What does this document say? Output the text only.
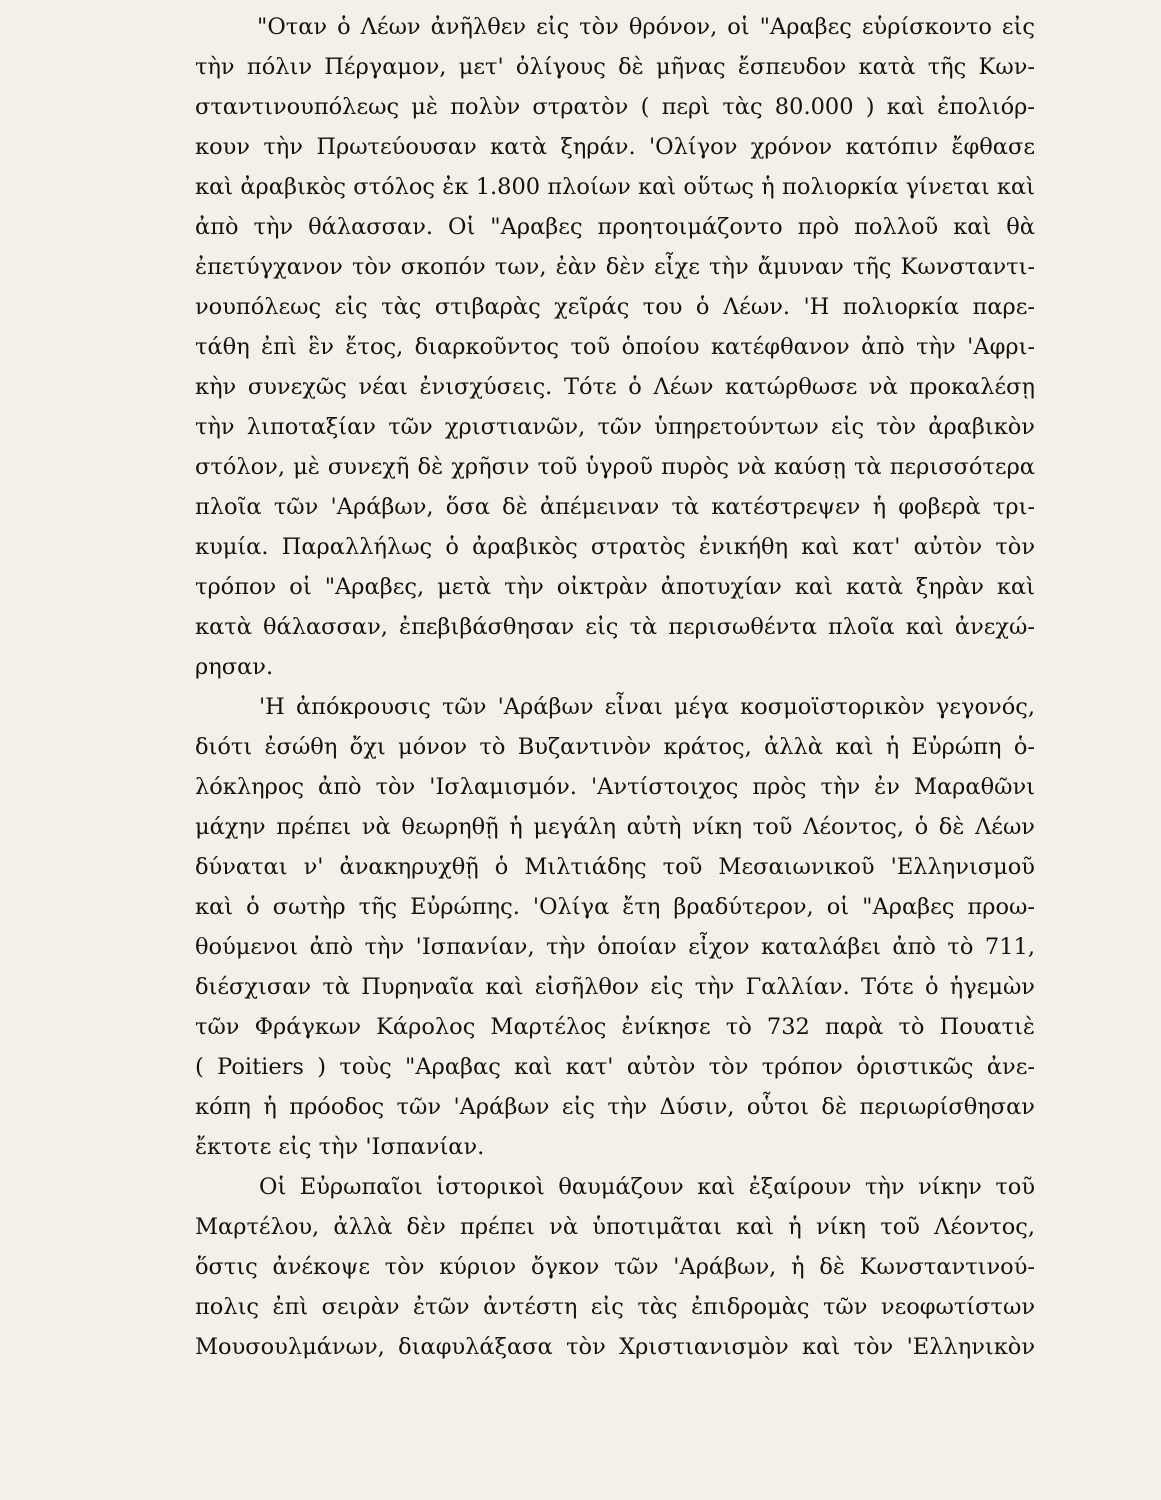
"Οταν ὁ Λέων ἀνῆλθεν εἰς τὸν θρόνον, οἱ "Αραβες εὑρίσκοντο εἰς
τὴν πόλιν Πέργαμον, μετ' ὀλίγους δὲ μῆνας ἔσπευδον κατὰ τῆς Κων-
σταντινουπόλεως μὲ πολὺν στρατὸν ( περὶ τὰς 80.000 ) καὶ ἐπολιόρ-
κουν τὴν Πρωτεύουσαν κατὰ ξηράν. 'Ολίγον χρόνον κατόπιν ἔφθασε
καὶ ἀραβικὸς στόλος ἐκ 1.800 πλοίων καὶ οὕτως ἡ πολιορκία γίνεται καὶ
ἀπὸ τὴν θάλασσαν. Οἱ "Αραβες προητοιμάζοντο πρὸ πολλοῦ καὶ θὰ
ἐπετύγχανον τὸν σκοπόν των, ἐὰν δὲν εἶχε τὴν ἄμυναν τῆς Κωνσταντι-
νουπόλεως εἰς τὰς στιβαρὰς χεῖράς του ὁ Λέων. 'Η πολιορκία παρε-
τάθη ἐπὶ ἓν ἔτος, διαρκοῦντος τοῦ ὁποίου κατέφθανον ἀπὸ τὴν 'Αφρι-
κὴν συνεχῶς νέαι ἐνισχύσεις. Τότε ὁ Λέων κατώρθωσε νὰ προκαλέσῃ
τὴν λιποταξίαν τῶν χριστιανῶν, τῶν ὑπηρετούντων εἰς τὸν ἀραβικὸν
στόλον, μὲ συνεχῆ δὲ χρῆσιν τοῦ ὑγροῦ πυρὸς νὰ καύσῃ τὰ περισσότερα
πλοῖα τῶν 'Αράβων, ὅσα δὲ ἀπέμειναν τὰ κατέστρεψεν ἡ φοβερὰ τρι-
κυμία. Παραλλήλως ὁ ἀραβικὸς στρατὸς ἐνικήθη καὶ κατ' αὐτὸν τὸν
τρόπον οἱ "Αραβες, μετὰ τὴν οἰκτρὰν ἀποτυχίαν καὶ κατὰ ξηρὰν καὶ
κατὰ θάλασσαν, ἐπεβιβάσθησαν εἰς τὰ περισωθέντα πλοῖα καὶ ἀνεχώ-
ρησαν.
'Η ἀπόκρουσις τῶν 'Αράβων εἶναι μέγα κοσμοϊστορικὸν γεγονός,
διότι ἐσώθη ὄχι μόνον τὸ Βυζαντινὸν κράτος, ἀλλὰ καὶ ἡ Εὐρώπη ὁ-
λόκληρος ἀπὸ τὸν 'Ισλαμισμόν. 'Αντίστοιχος πρὸς τὴν ἐν Μαραθῶνι
μάχην πρέπει νὰ θεωρηθῇ ἡ μεγάλη αὐτὴ νίκη τοῦ Λέοντος, ὁ δὲ Λέων
δύναται ν' ἀνακηρυχθῇ ὁ Μιλτιάδης τοῦ Μεσαιωνικοῦ 'Ελληνισμοῦ
καὶ ὁ σωτὴρ τῆς Εὐρώπης. 'Ολίγα ἔτη βραδύτερον, οἱ "Αραβες προω-
θούμενοι ἀπὸ τὴν 'Ισπανίαν, τὴν ὁποίαν εἶχον καταλάβει ἀπὸ τὸ 711,
διέσχισαν τὰ Πυρηναῖα καὶ εἰσῆλθον εἰς τὴν Γαλλίαν. Τότε ὁ ἡγεμὼν
τῶν Φράγκων Κάρολος Μαρτέλος ἐνίκησε τὸ 732 παρὰ τὸ Πουατιὲ
( Poitiers ) τοὺς "Αραβας καὶ κατ' αὐτὸν τὸν τρόπον ὁριστικῶς ἀνε-
κόπη ἡ πρόοδος τῶν 'Αράβων εἰς τὴν Δύσιν, οὗτοι δὲ περιωρίσθησαν
ἔκτοτε εἰς τὴν 'Ισπανίαν.
Οἱ Εὐρωπαῖοι ἱστορικοὶ θαυμάζουν καὶ ἐξαίρουν τὴν νίκην τοῦ
Μαρτέλου, ἀλλὰ δὲν πρέπει νὰ ὑποτιμᾶται καὶ ἡ νίκη τοῦ Λέοντος,
ὅστις ἀνέκοψε τὸν κύριον ὄγκον τῶν 'Αράβων, ἡ δὲ Κωνσταντινού-
πολις ἐπὶ σειρὰν ἐτῶν ἀντέστη εἰς τὰς ἐπιδρομὰς τῶν νεοφωτίστων
Μουσουλμάνων, διαφυλάξασα τὸν Χριστιανισμὸν καὶ τὸν 'Ελληνικὸν
